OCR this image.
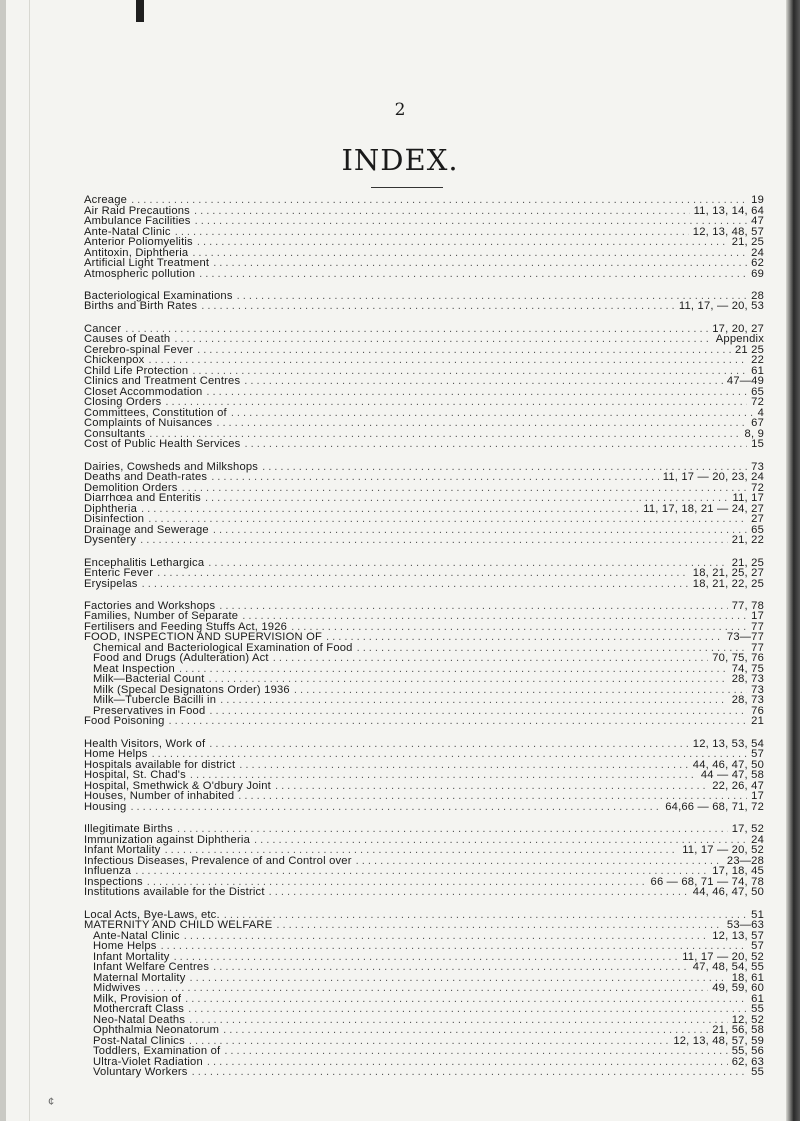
2
INDEX.
Acreage .....	19
Air Raid Precautions .....	11, 13, 14, 64
Ambulance Facilities .....	47
Ante-Natal Clinic .....	12, 13, 48, 57
Anterior Poliomyelitis .....	21, 25
Antitoxin, Diphtheria .....	24
Artificial Light Treatment .....	62
Atmospheric pollution .....	69
Bacteriological Examinations .....	28
Births and Birth Rates .....	11, 17, — 20, 53
Cancer .....	17, 20, 27
Causes of Death .....	Appendix
Cerebro-spinal Fever .....	21 25
Chickenpox .....	22
Child Life Protection .....	61
Clinics and Treatment Centres .....	47—49
Closet Accommodation .....	65
Closing Orders .....	72
Committees, Constitution of .....	4
Complaints of Nuisances .....	67
Consultants .....	8, 9
Cost of Public Health Services .....	15
Dairies, Cowsheds and Milkshops .....	73
Deaths and Death-rates .....	11, 17 — 20, 23, 24
Demolition Orders .....	72
Diarrhœa and Enteritis .....	11, 17
Diphtheria .....	11, 17, 18, 21 — 24, 27
Disinfection .....	27
Drainage and Sewerage .....	65
Dysentery .....	21, 22
Encephalitis Lethargica .....	21, 25
Enteric Fever .....	18, 21, 25, 27
Erysipelas .....	18, 21, 22, 25
Factories and Workshops .....	77, 78
Families, Number of Separate .....	17
Fertilisers and Feeding Stuffs Act, 1926 .....	77
FOOD, INSPECTION AND SUPERVISION OF .....	73—77
Chemical and Bacteriological Examination of Food .....	77
Food and Drugs (Adulteration) Act .....	70, 75, 76
Meat Inspection .....	74, 75
Milk—Bacterial Count .....	28, 73
Milk (Specal Designatons Order) 1936 .....	73
Milk—Tubercle Bacilli in .....	28, 73
Preservatives in Food .....	76
Food Poisoning .....	21
Health Visitors, Work of .....	12, 13, 53, 54
Home Helps .....	57
Hospitals available for district .....	44, 46, 47, 50
Hospital, St. Chad's .....	44 — 47, 58
Hospital, Smethwick & O'dbury Joint .....	22, 26, 47
Houses, Number of inhabited .....	17
Housing .....	64,66 — 68, 71, 72
Illegitimate Births .....	17, 52
Immunization against Diphtheria .....	24
Infant Mortality .....	11, 17 — 20, 52
Infectious Diseases, Prevalence of and Control over .....	23—28
Influenza .....	17, 18, 45
Inspections .....	66 — 68, 71 — 74, 78
Institutions available for the District .....	44, 46, 47, 50
Local Acts, Bye-Laws, etc. .....	51
MATERNITY AND CHILD WELFARE .....	53—63
Ante-Natal Clinic .....	12, 13, 57
Home Helps .....	57
Infant Mortality .....	11, 17 — 20, 52
Infant Welfare Centres .....	47, 48, 54, 55
Maternal Mortality .....	18, 61
Midwives .....	49, 59, 60
Milk, Provision of .....	61
Mothercraft Class .....	55
Neo-Natal Deaths .....	12, 52
Ophthalmia Neonatorum .....	21, 56, 58
Post-Natal Clinics .....	12, 13, 48, 57, 59
Toddlers, Examination of .....	55, 56
Ultra-Violet Radiation .....	62, 63
Voluntary Workers .....	55
¢
